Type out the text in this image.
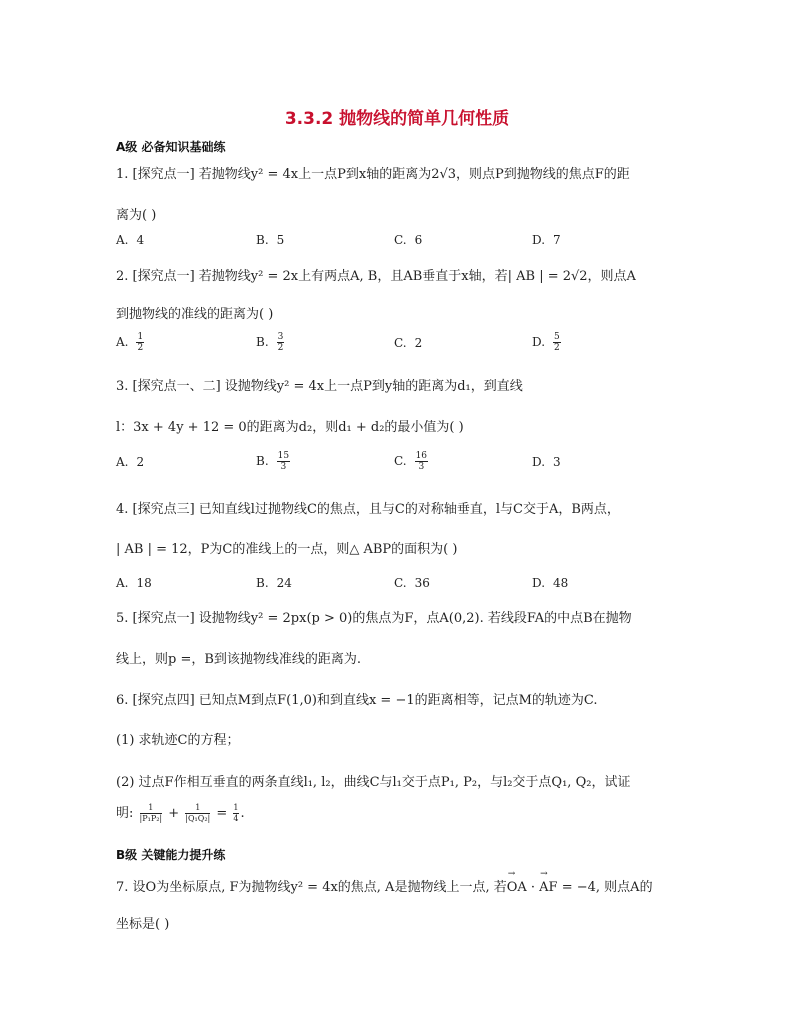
3.3.2 抛物线的简单几何性质
A级 必备知识基础练
1. [探究点一] 若抛物线y² = 4x上一点P到x轴的距离为2√3，则点P到抛物线的焦点F的距
离为( )
A. 4	B. 5	C. 6	D. 7
2. [探究点一] 若抛物线y² = 2x上有两点A, B，且AB垂直于x轴，若| AB | = 2√2，则点A
到抛物线的准线的距离为( )
A. $\frac{1}{2}$	B. $\frac{3}{2}$	C. 2	D. $\frac{5}{2}$
3. [探究点一、二] 设抛物线y² = 4x上一点P到y轴的距离为d₁，到直线
l：3x + 4y + 12 = 0的距离为d₂，则d₁ + d₂的最小值为( )
A. 2	B. $\frac{15}{3}$	C. $\frac{16}{3}$	D. 3
4. [探究点三] 已知直线l过抛物线C的焦点，且与C的对称轴垂直，l与C交于A，B两点，
| AB | = 12，P为C的准线上的一点，则△ ABP的面积为( )
A. 18	B. 24	C. 36	D. 48
5. [探究点一] 设抛物线y² = 2px(p > 0)的焦点为F，点A(0,2). 若线段FA的中点B在抛物
线上，则p =，B到该抛物线准线的距离为.
6. [探究点四] 已知点M到点F(1,0)和到直线x = −1的距离相等，记点M的轨迹为C.
(1) 求轨迹C的方程；
(2) 过点F作相互垂直的两条直线l₁, l₂，曲线C与l₁交于点P₁, P₂，与l₂交于点Q₁, Q₂，试证
明: $\frac{1}{\text{|P₁P₂|}} + \frac{1}{\text{|Q₁Q₂|}} = \frac{1}{4}$ .
B级 关键能力提升练
7. 设O为坐标原点, F为抛物线y² = 4x的焦点, A是抛物线上一点, 若→ OA · → AF = −4, 则点A的
坐标是( )
